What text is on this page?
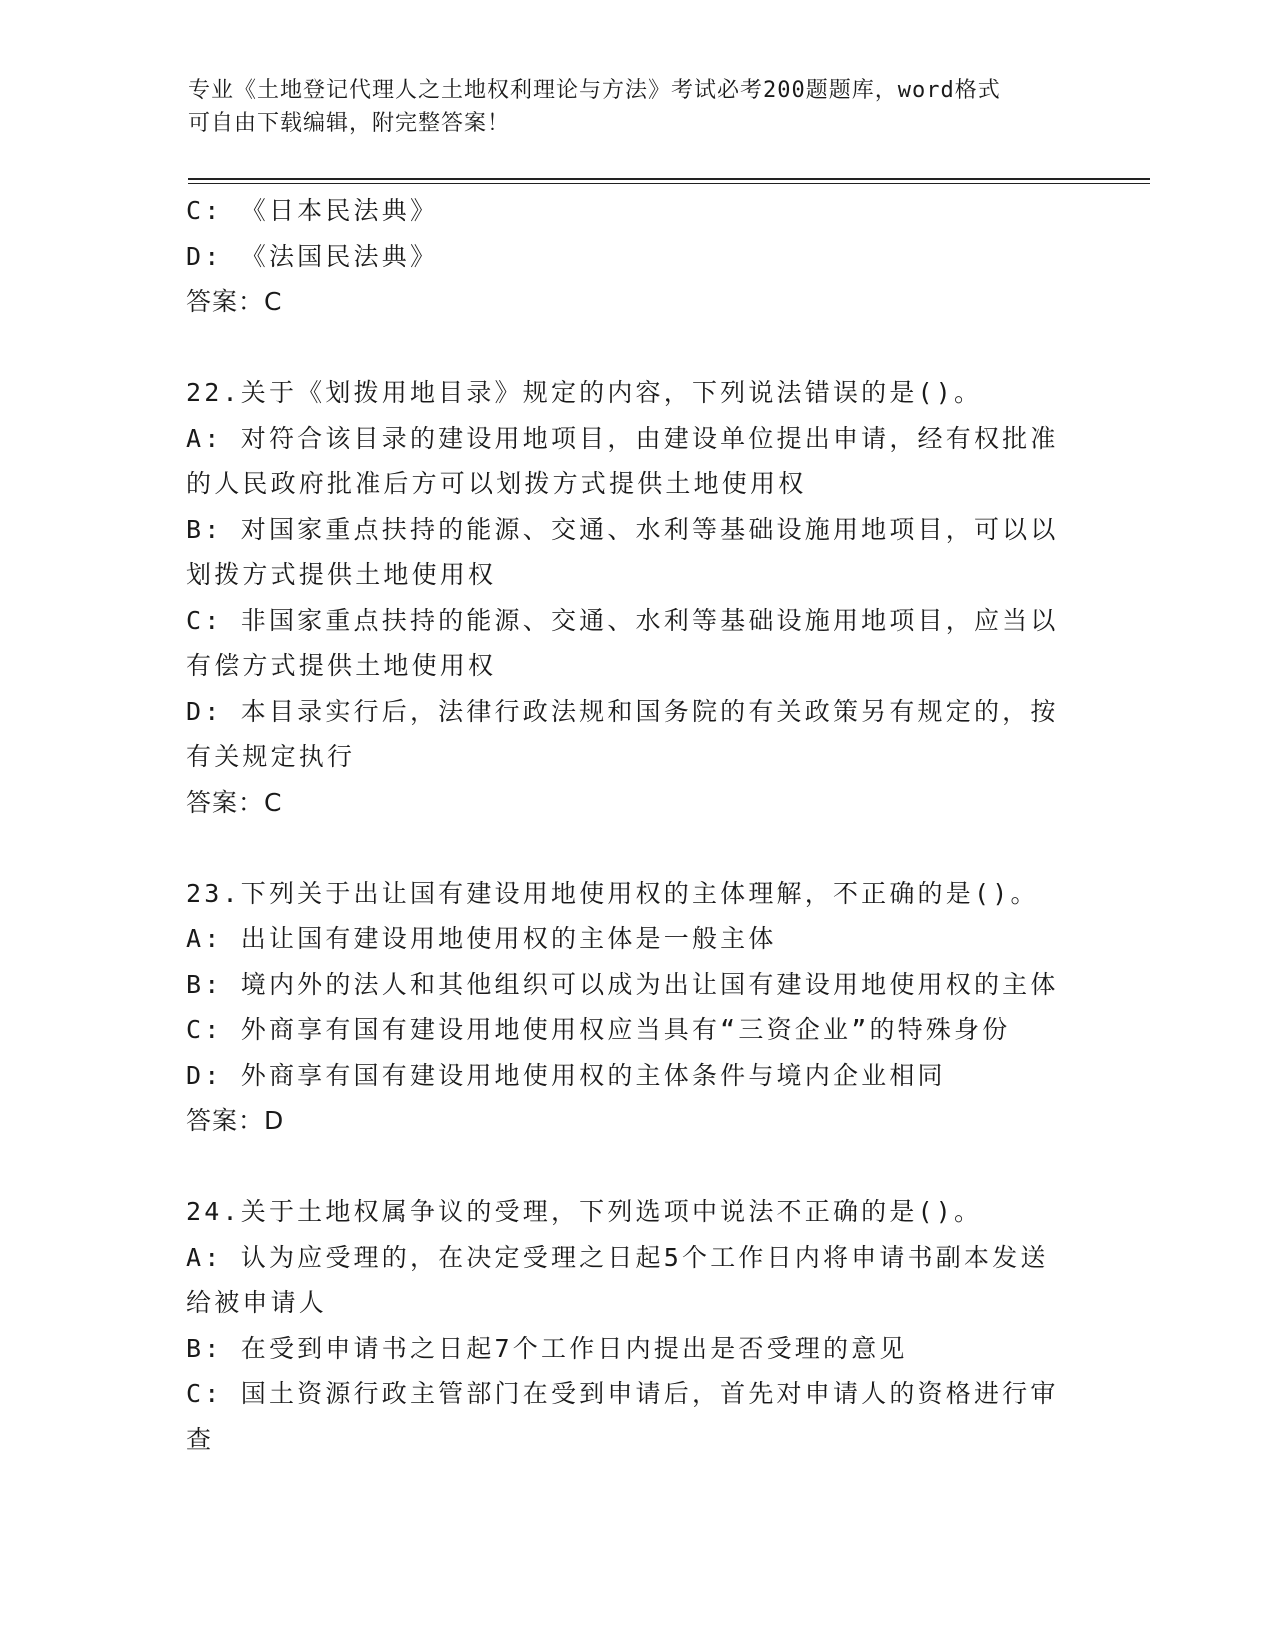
专业《土地登记代理人之土地权利理论与方法》考试必考200题题库，word格式
可自由下载编辑，附完整答案！
C: 《日本民法典》
D: 《法国民法典》
答案：C
22.关于《划拨用地目录》规定的内容，下列说法错误的是()。
A: 对符合该目录的建设用地项目，由建设单位提出申请，经有权批准
的人民政府批准后方可以划拨方式提供土地使用权
B: 对国家重点扶持的能源、交通、水利等基础设施用地项目，可以以
划拨方式提供土地使用权
C: 非国家重点扶持的能源、交通、水利等基础设施用地项目，应当以
有偿方式提供土地使用权
D: 本目录实行后，法律行政法规和国务院的有关政策另有规定的，按
有关规定执行
答案：C
23.下列关于出让国有建设用地使用权的主体理解，不正确的是()。
A: 出让国有建设用地使用权的主体是一般主体
B: 境内外的法人和其他组织可以成为出让国有建设用地使用权的主体
C: 外商享有国有建设用地使用权应当具有“三资企业”的特殊身份
D: 外商享有国有建设用地使用权的主体条件与境内企业相同
答案：D
24.关于土地权属争议的受理，下列选项中说法不正确的是()。
A: 认为应受理的，在决定受理之日起5个工作日内将申请书副本发送
给被申请人
B: 在受到申请书之日起7个工作日内提出是否受理的意见
C: 国土资源行政主管部门在受到申请后，首先对申请人的资格进行审
查
